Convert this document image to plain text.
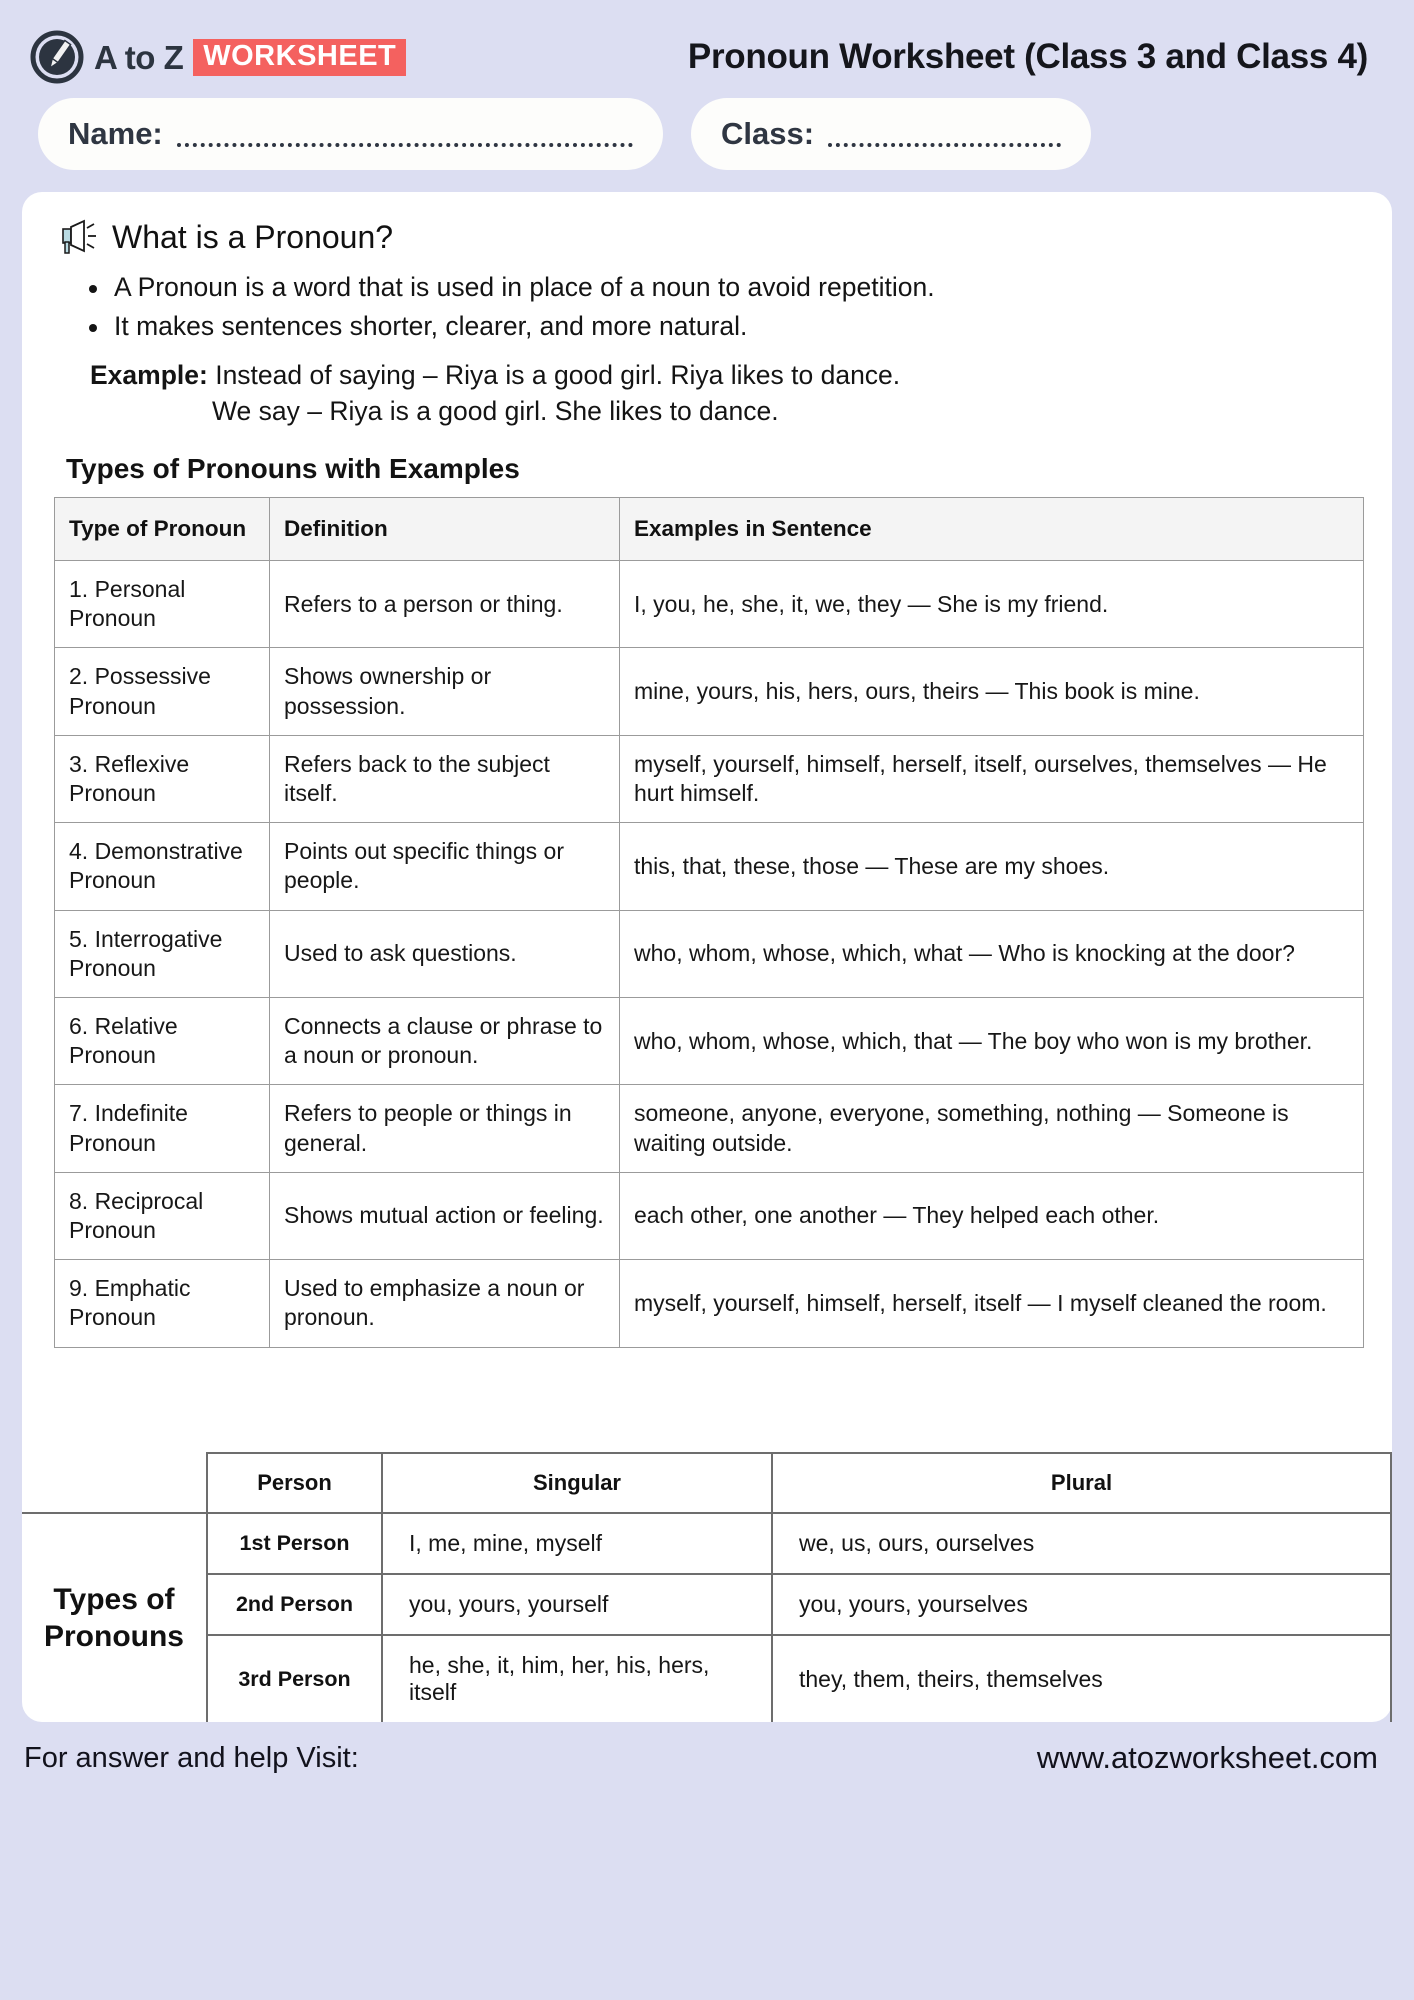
A to Z WORKSHEET	Pronoun Worksheet (Class 3 and Class 4)
Name:	Class:
What is a Pronoun?
A Pronoun is a word that is used in place of a noun to avoid repetition.
It makes sentences shorter, clearer, and more natural.
Example: Instead of saying – Riya is a good girl. Riya likes to dance.
We say – Riya is a good girl. She likes to dance.
Types of Pronouns with Examples
Type of Pronoun	Definition	Examples in Sentence
1. Personal Pronoun	Refers to a person or thing.	I, you, he, she, it, we, they — She is my friend.
2. Possessive Pronoun	Shows ownership or possession.	mine, yours, his, hers, ours, theirs — This book is mine.
3. Reflexive Pronoun	Refers back to the subject itself.	myself, yourself, himself, herself, itself, ourselves, themselves — He hurt himself.
4. Demonstrative Pronoun	Points out specific things or people.	this, that, these, those — These are my shoes.
5. Interrogative Pronoun	Used to ask questions.	who, whom, whose, which, what — Who is knocking at the door?
6. Relative Pronoun	Connects a clause or phrase to a noun or pronoun.	who, whom, whose, which, that — The boy who won is my brother.
7. Indefinite Pronoun	Refers to people or things in general.	someone, anyone, everyone, something, nothing — Someone is waiting outside.
8. Reciprocal Pronoun	Shows mutual action or feeling.	each other, one another — They helped each other.
9. Emphatic Pronoun	Used to emphasize a noun or pronoun.	myself, yourself, himself, herself, itself — I myself cleaned the room.
	Person	Singular	Plural
Types of Pronouns	1st Person	I, me, mine, myself	we, us, ours, ourselves
	2nd Person	you, yours, yourself	you, yours, yourselves
	3rd Person	he, she, it, him, her, his, hers, itself	they, them, theirs, themselves
For answer and help Visit:	www.atozworksheet.com
